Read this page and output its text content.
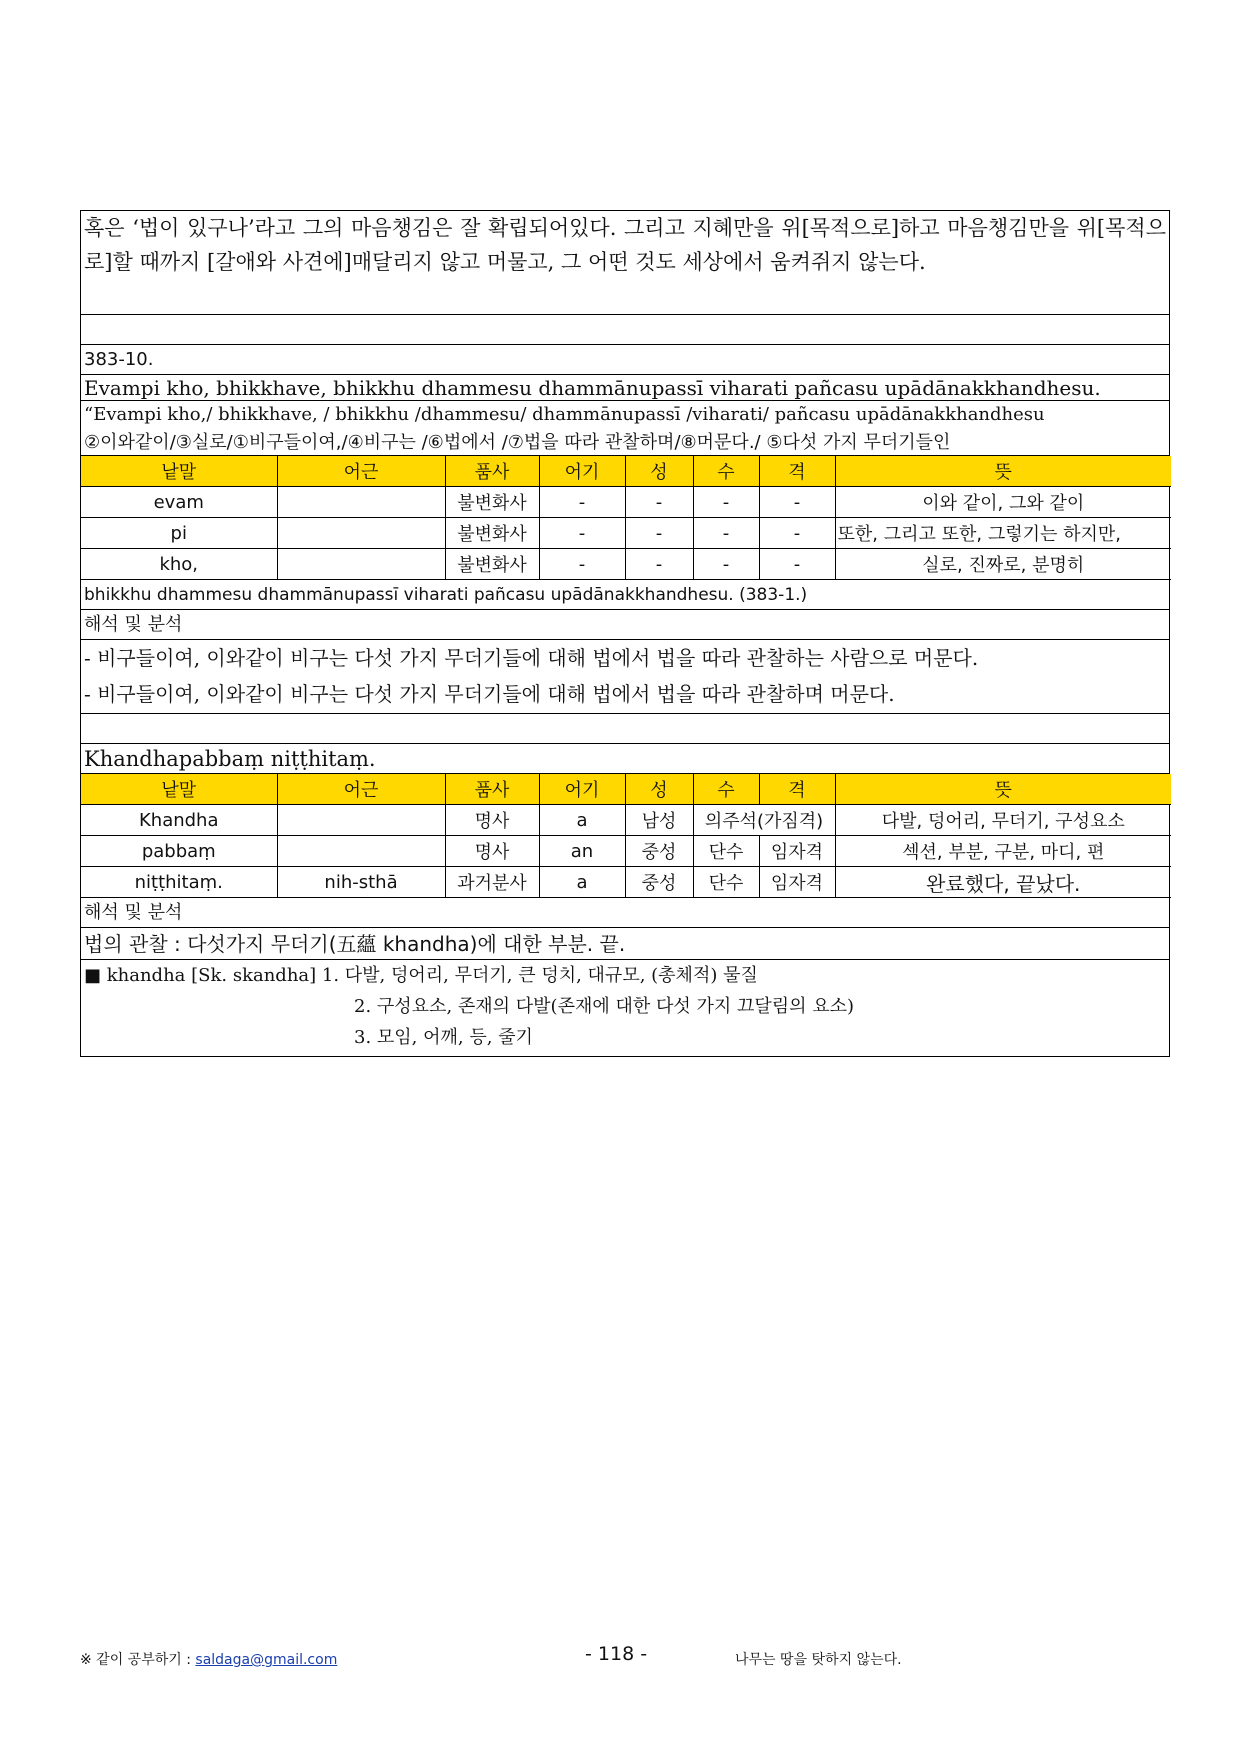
혹은 ‘법이 있구나’라고 그의 마음챙김은 잘 확립되어있다. 그리고 지혜만을 위[목적으로]하고 마음챙김만을 위[목적으로]할 때까지 [갈애와 사견에]매달리지 않고 머물고, 그 어떤 것도 세상에서 움켜쥐지 않는다.
383-10.
Evampi kho, bhikkhave, bhikkhu dhammesu dhammānupassī viharati pañcasu upādānakkhandhesu.
“Evampi kho,/ bhikkhave, / bhikkhu /dhammesu/ dhammānupassī /viharati/ pañcasu upādānakkhandhesu
②이와같이/③실로/①비구들이여,/④비구는 /⑥법에서 /⑦법을 따라 관찰하며/⑧머문다./ ⑤다섯 가지 무더기들인
낱말	어근	품사	어기	성	수	격	뜻
evam		불변화사	-	-	-	-	이와 같이, 그와 같이
pi		불변화사	-	-	-	-	또한, 그리고 또한, 그렇기는 하지만,
kho,		불변화사	-	-	-	-	실로, 진짜로, 분명히
bhikkhu dhammesu dhammānupassī viharati pañcasu upādānakkhandhesu. (383-1.)
해석 및 분석
- 비구들이여, 이와같이 비구는 다섯 가지 무더기들에 대해 법에서 법을 따라 관찰하는 사람으로 머문다.
- 비구들이여, 이와같이 비구는 다섯 가지 무더기들에 대해 법에서 법을 따라 관찰하며 머문다.
Khandhapabbaṃ niṭṭhitaṃ.
낱말	어근	품사	어기	성	수	격	뜻
Khandha		명사	a	남성	의주석(가짐격)		다발, 덩어리, 무더기, 구성요소
pabbaṃ		명사	an	중성	단수	임자격	섹션, 부분, 구분, 마디, 편
niṭṭhitaṃ.	nih-sthā	과거분사	a	중성	단수	임자격	완료했다, 끝났다.
해석 및 분석
법의 관찰 : 다섯가지 무더기(五蘊 khandha)에 대한 부분. 끝.
■ khandha [Sk. skandha] 1. 다발, 덩어리, 무더기, 큰 덩치, 대규모, (총체적) 물질
2. 구성요소, 존재의 다발(존재에 대한 다섯 가지 끄달림의 요소)
3. 모임, 어깨, 등, 줄기
※ 같이 공부하기 : saldaga@gmail.com	- 118 -	나무는 땅을 탓하지 않는다.
